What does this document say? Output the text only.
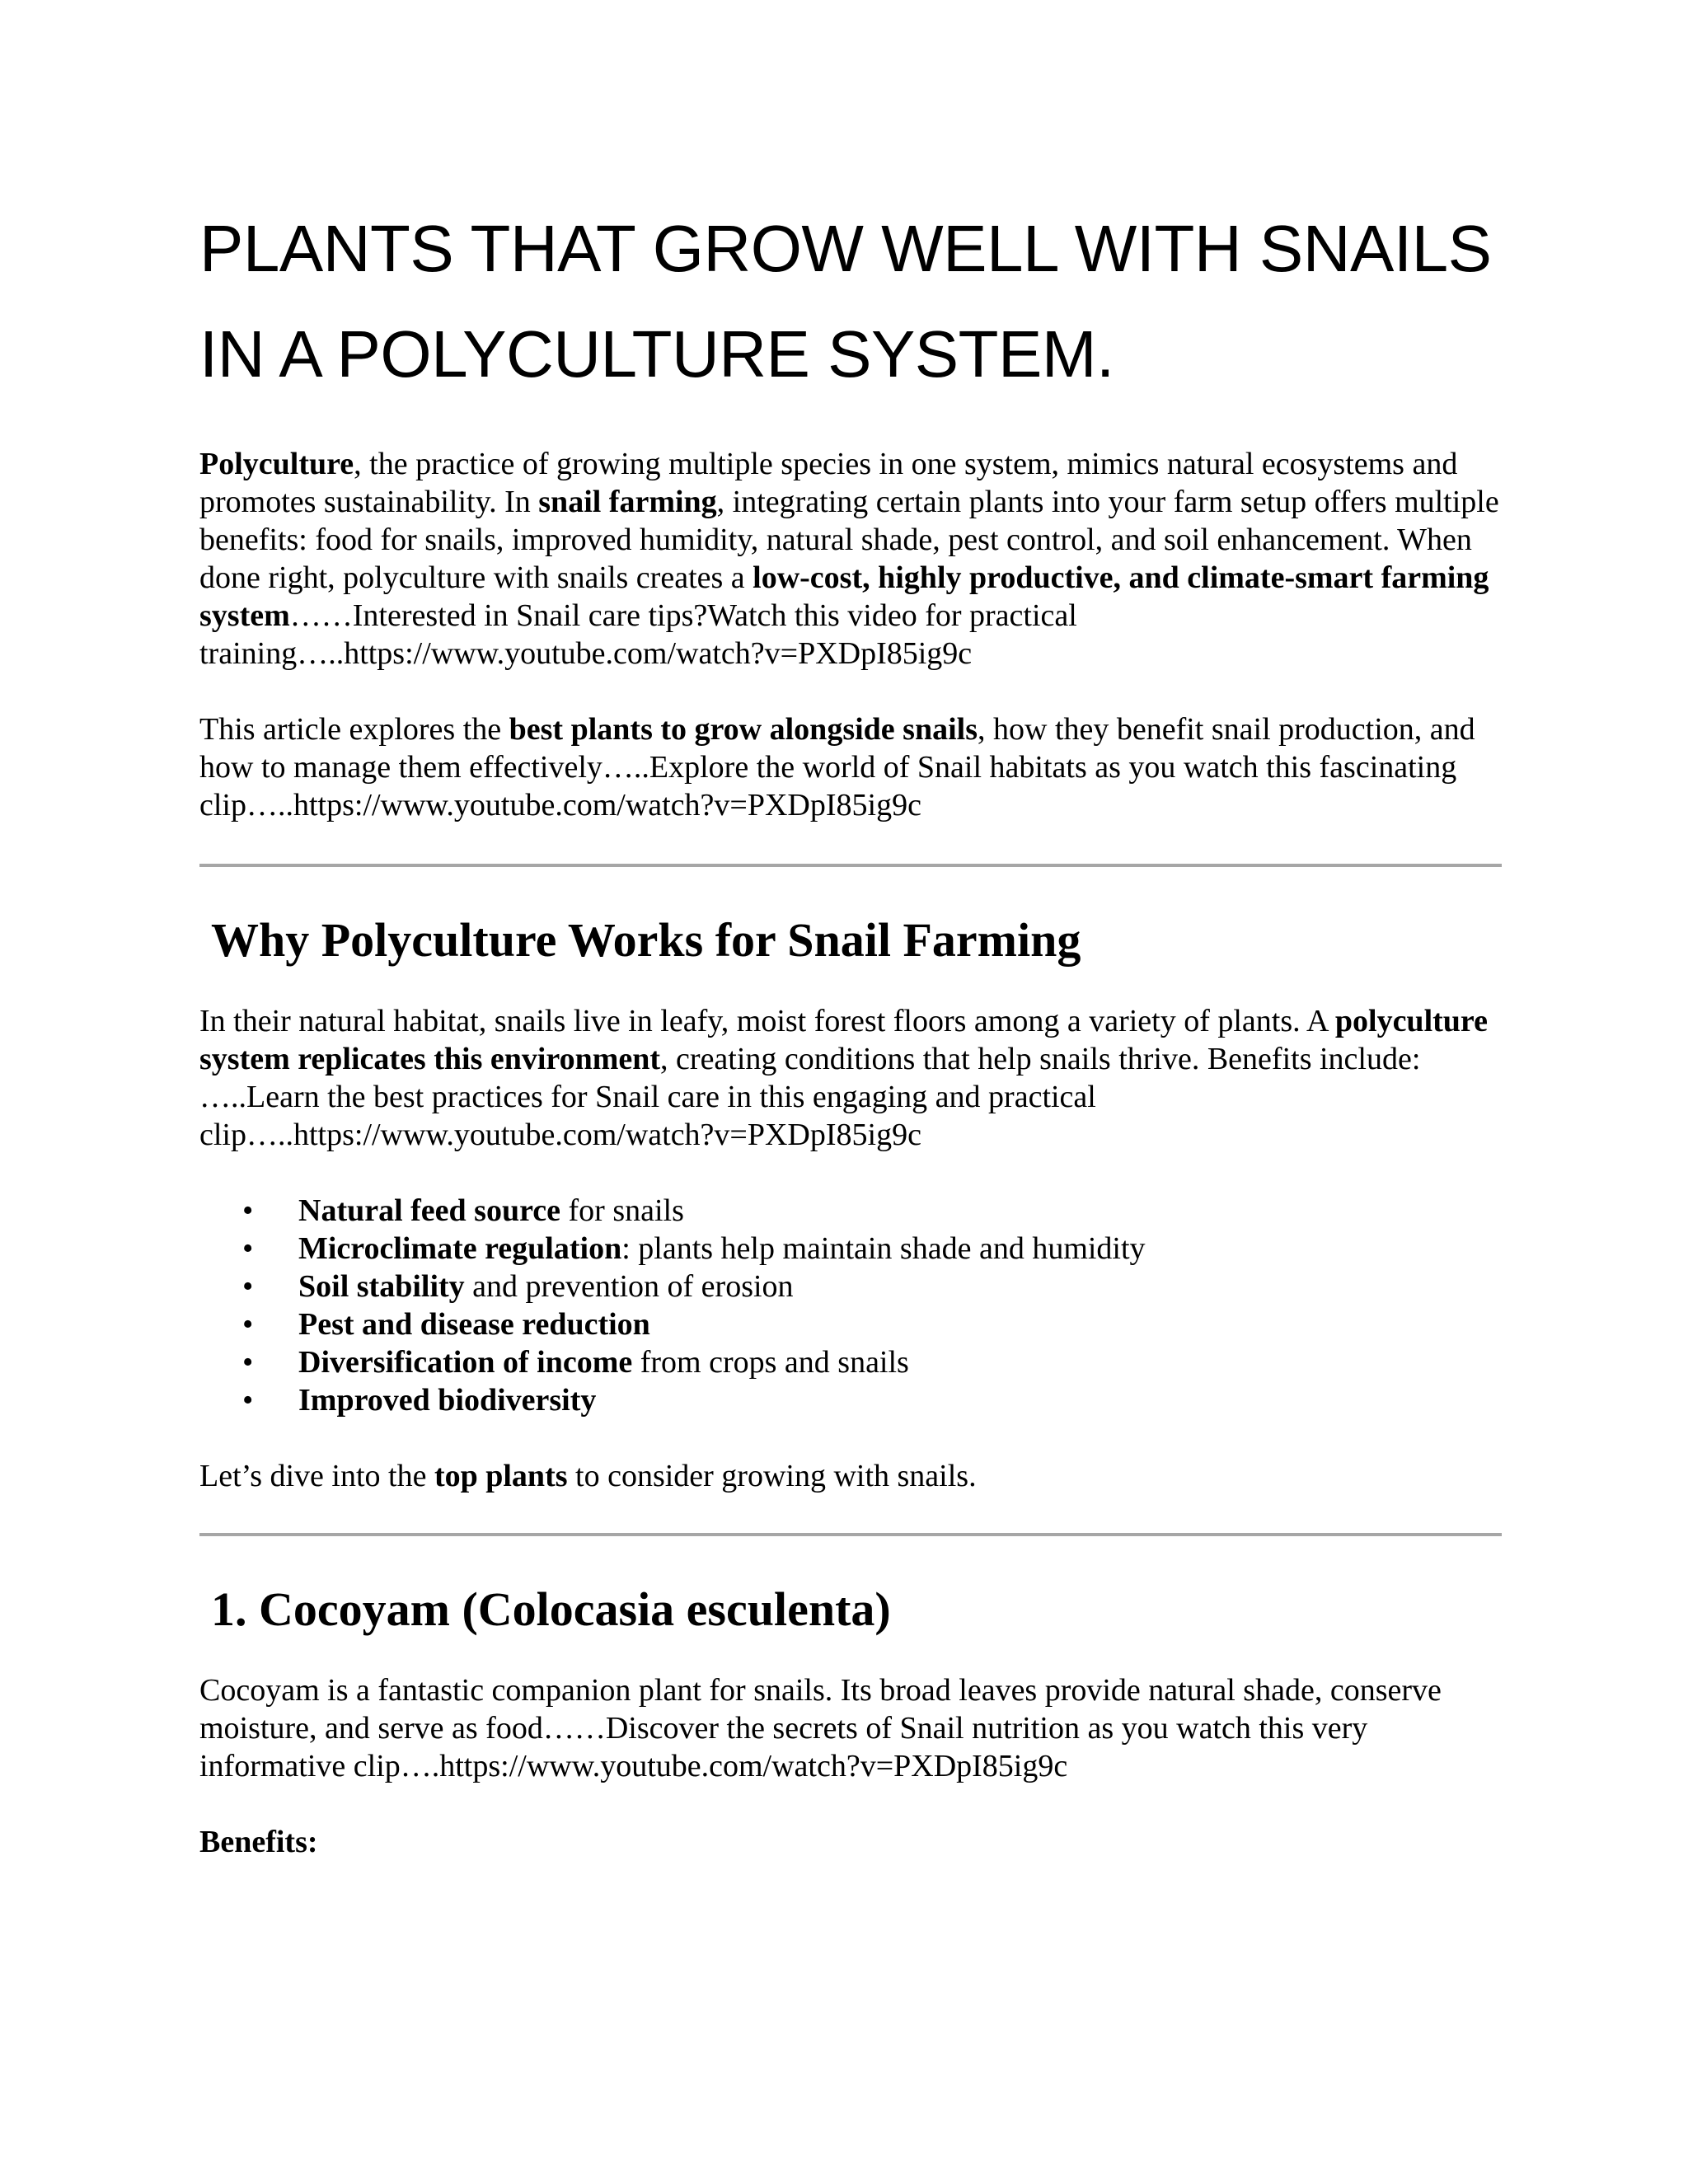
PLANTS THAT GROW WELL WITH SNAILS
IN A POLYCULTURE SYSTEM.

Polyculture, the practice of growing multiple species in one system, mimics natural ecosystems and promotes sustainability. In snail farming, integrating certain plants into your farm setup offers multiple benefits: food for snails, improved humidity, natural shade, pest control, and soil enhancement. When done right, polyculture with snails creates a low-cost, highly productive, and climate-smart farming system……Interested in Snail care tips?Watch this video for practical training…..https://www.youtube.com/watch?v=PXDpI85ig9c

This article explores the best plants to grow alongside snails, how they benefit snail production, and how to manage them effectively…..Explore the world of Snail habitats as you watch this fascinating clip…..https://www.youtube.com/watch?v=PXDpI85ig9c

Why Polyculture Works for Snail Farming

In their natural habitat, snails live in leafy, moist forest floors among a variety of plants. A polyculture system replicates this environment, creating conditions that help snails thrive. Benefits include: …..Learn the best practices for Snail care in this engaging and practical clip…..https://www.youtube.com/watch?v=PXDpI85ig9c

• Natural feed source for snails
• Microclimate regulation: plants help maintain shade and humidity
• Soil stability and prevention of erosion
• Pest and disease reduction
• Diversification of income from crops and snails
• Improved biodiversity

Let’s dive into the top plants to consider growing with snails.

1. Cocoyam (Colocasia esculenta)

Cocoyam is a fantastic companion plant for snails. Its broad leaves provide natural shade, conserve moisture, and serve as food……Discover the secrets of Snail nutrition as you watch this very informative clip….https://www.youtube.com/watch?v=PXDpI85ig9c

Benefits:
